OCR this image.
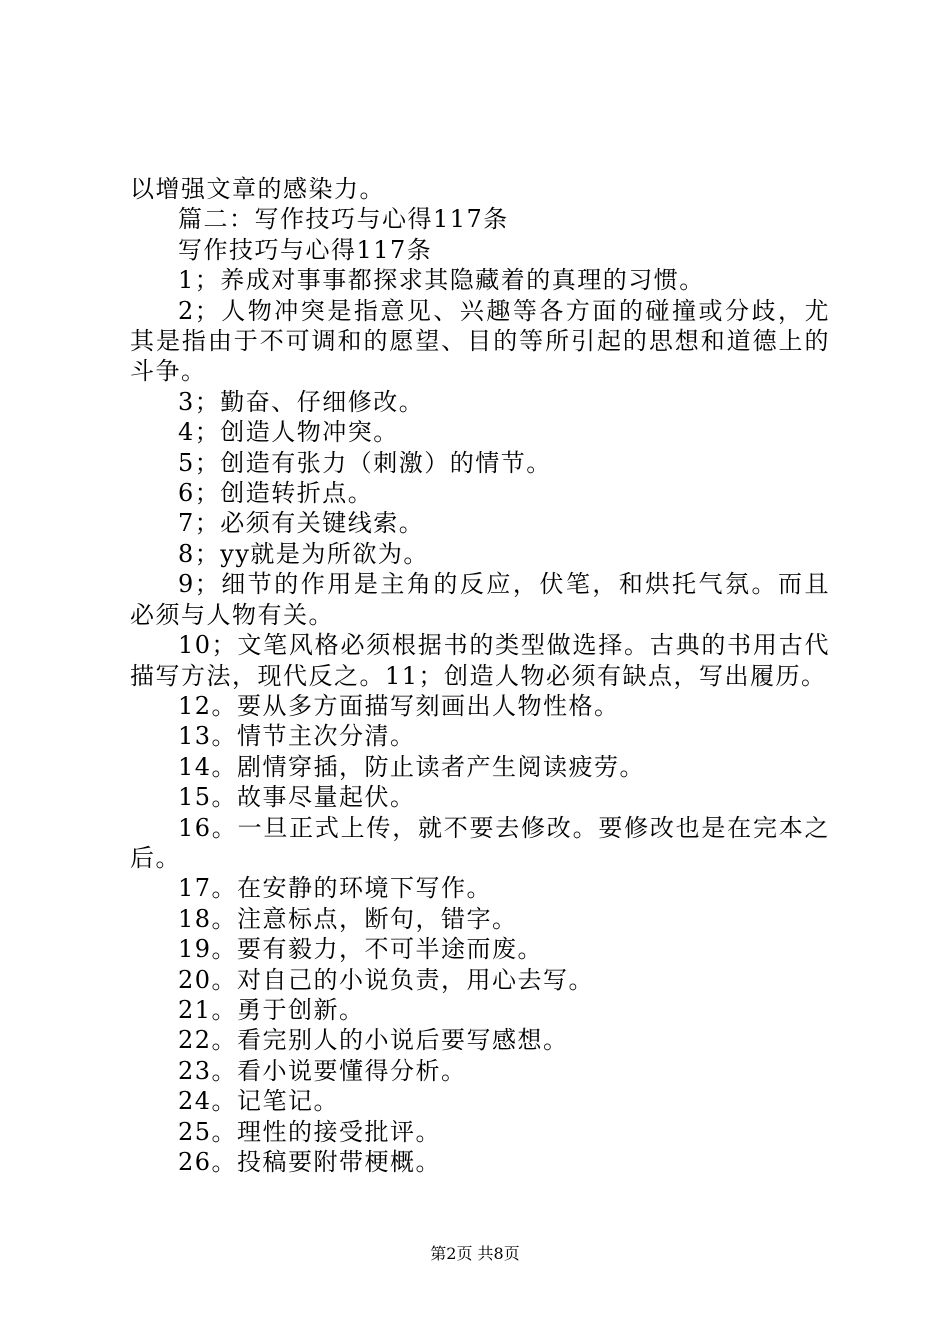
以增强文章的感染力。

篇二：写作技巧与心得117条

写作技巧与心得117条

1；养成对事事都探求其隐藏着的真理的习惯。

2；人物冲突是指意见、兴趣等各方面的碰撞或分歧，尤其是指由于不可调和的愿望、目的等所引起的思想和道德上的斗争。

3；勤奋、仔细修改。

4；创造人物冲突。

5；创造有张力（刺激）的情节。

6；创造转折点。

7；必须有关键线索。

8；yy就是为所欲为。

9；细节的作用是主角的反应，伏笔，和烘托气氛。而且必须与人物有关。

10；文笔风格必须根据书的类型做选择。古典的书用古代描写方法，现代反之。11；创造人物必须有缺点，写出履历。

12。要从多方面描写刻画出人物性格。

13。情节主次分清。

14。剧情穿插，防止读者产生阅读疲劳。

15。故事尽量起伏。

16。一旦正式上传，就不要去修改。要修改也是在完本之后。

17。在安静的环境下写作。

18。注意标点，断句，错字。

19。要有毅力，不可半途而废。

20。对自己的小说负责，用心去写。

21。勇于创新。

22。看完别人的小说后要写感想。

23。看小说要懂得分析。

24。记笔记。

25。理性的接受批评。

26。投稿要附带梗概。

第2页 共8页
